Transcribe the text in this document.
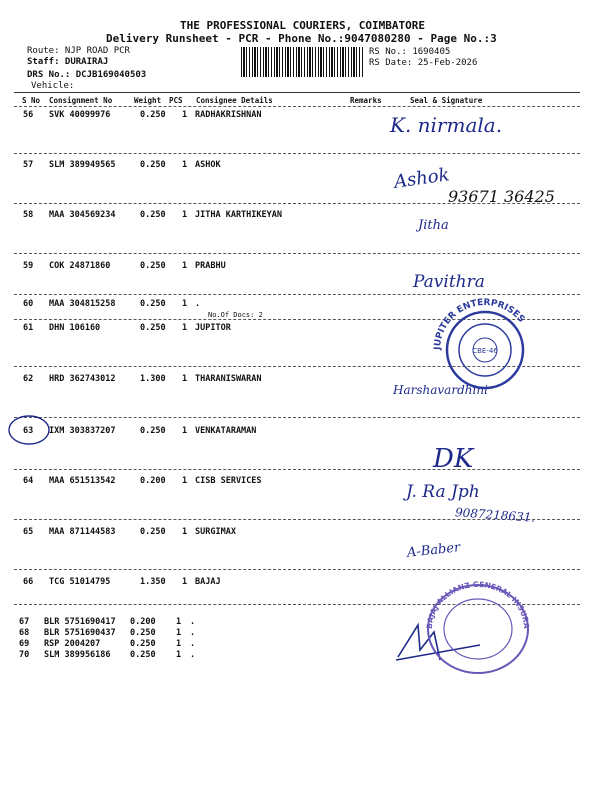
THE PROFESSIONAL COURIERS, COIMBATORE
Delivery Runsheet - PCR - Phone No.:9047080280 - Page No.:3
Route: NJP ROAD PCR
Staff: DURAIRAJ
DRS No.: DCJB169040503
Vehicle:
RS No.: 1690405
RS Date: 25-Feb-2026
S No Consignment No	Weight PCS Consignee Details	Remarks	Seal & Signature
56 SVK 40099976	0.250 1 RADHAKRISHNAN
57 SLM 389949565	0.250 1 ASHOK
58 MAA 304569234	0.250 1 JITHA KARTHIKEYAN
59 COK 24871860	0.250 1 PRABHU
60 MAA 304815258	0.250 1 .
No.Of Docs: 2
61 DHN 106160	0.250 1 JUPITOR
62 HRD 362743012	1.300 1 THARANISWARAN
63 IXM 303837207	0.250 1 VENKATARAMAN
64 MAA 651513542	0.200 1 CISB SERVICES
65 MAA 871144583	0.250 1 SURGIMAX
66 TCG 51014795	1.350 1 BAJAJ
67 BLR 5751690417 0.200 1 .
68 BLR 5751690437 0.250 1 .
69 RSP 2004207	0.250 1 .
70 SLM 389956186 0.250 1 .
K. nirmala.
Ashok
93671 36425
Jitha
Pavithra
Harshavardhini
DK
J. Ra Jph
9087218631.
A-Baber
JUPITER ENTERPRISES
CBE-46
BAJAJ ALLIANZ GENERAL INSURANCE LIMITED
